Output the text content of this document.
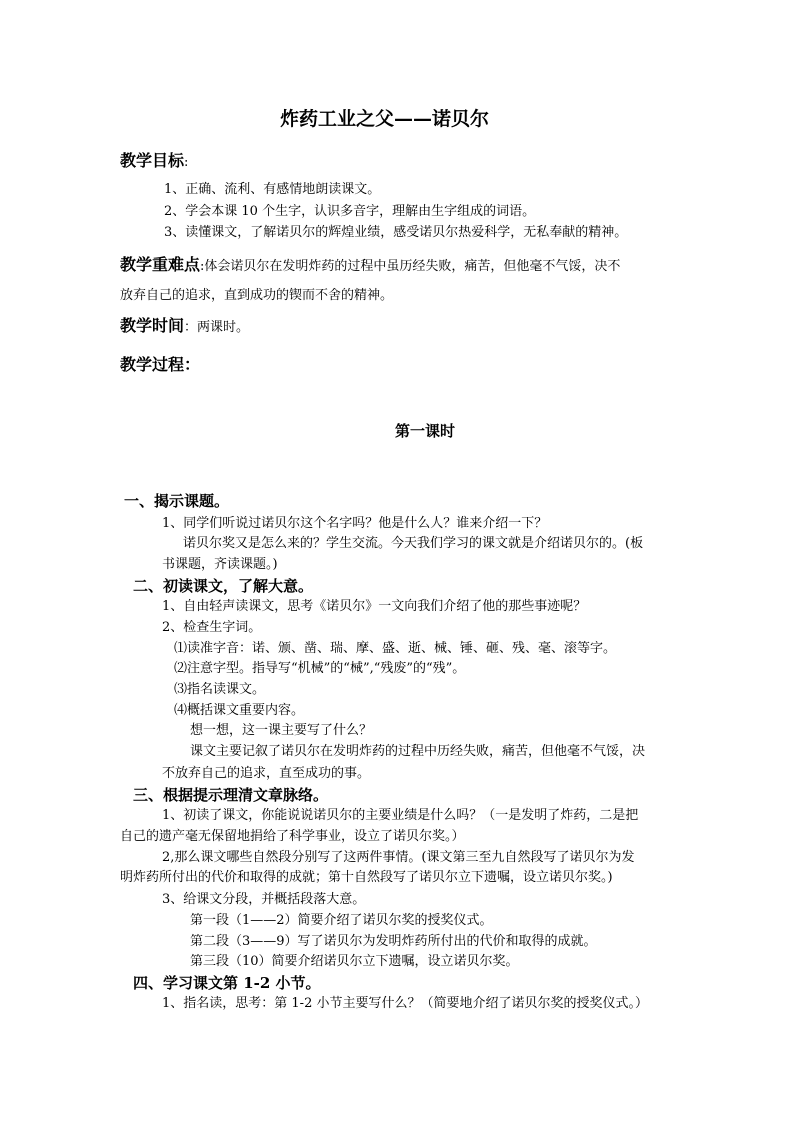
炸药工业之父——诺贝尔
教学目标:
1、正确、流利、有感情地朗读课文。
2、学会本课 10 个生字，认识多音字，理解由生字组成的词语。
3、读懂课文，了解诺贝尔的辉煌业绩，感受诺贝尔热爱科学，无私奉献的精神。
教学重难点:体会诺贝尔在发明炸药的过程中虽历经失败，痛苦，但他毫不气馁，决不
放弃自己的追求，直到成功的锲而不舍的精神。
教学时间：两课时。
教学过程：
第一课时
一、揭示课题。
1、同学们听说过诺贝尔这个名字吗？他是什么人？谁来介绍一下？
诺贝尔奖又是怎么来的？学生交流。今天我们学习的课文就是介绍诺贝尔的。(板
书课题，齐读课题。)
二、初读课文，了解大意。
1、自由轻声读课文，思考《诺贝尔》一文向我们介绍了他的那些事迹呢？
2、检查生字词。
⑴读准字音：诺、颁、凿、瑞、摩、盛、逝、械、锤、砸、残、毫、滚等字。
⑵注意字型。指导写“机械”的“械”,“残废”的“残”。
⑶指名读课文。
⑷概括课文重要内容。
想一想，这一课主要写了什么？
课文主要记叙了诺贝尔在发明炸药的过程中历经失败，痛苦，但他毫不气馁，决
不放弃自己的追求，直至成功的事。
三、根据提示理清文章脉络。
1、初读了课文，你能说说诺贝尔的主要业绩是什么吗？（一是发明了炸药，二是把
自己的遗产毫无保留地捐给了科学事业，设立了诺贝尔奖。）
2,那么课文哪些自然段分别写了这两件事情。(课文第三至九自然段写了诺贝尔为发
明炸药所付出的代价和取得的成就；第十自然段写了诺贝尔立下遗嘱，设立诺贝尔奖。)
3、给课文分段，并概括段落大意。
第一段（1——2）简要介绍了诺贝尔奖的授奖仪式。
第二段（3——9）写了诺贝尔为发明炸药所付出的代价和取得的成就。
第三段（10）简要介绍诺贝尔立下遗嘱，设立诺贝尔奖。
四、学习课文第 1-2 小节。
1、指名读，思考：第 1-2 小节主要写什么？（简要地介绍了诺贝尔奖的授奖仪式。）
